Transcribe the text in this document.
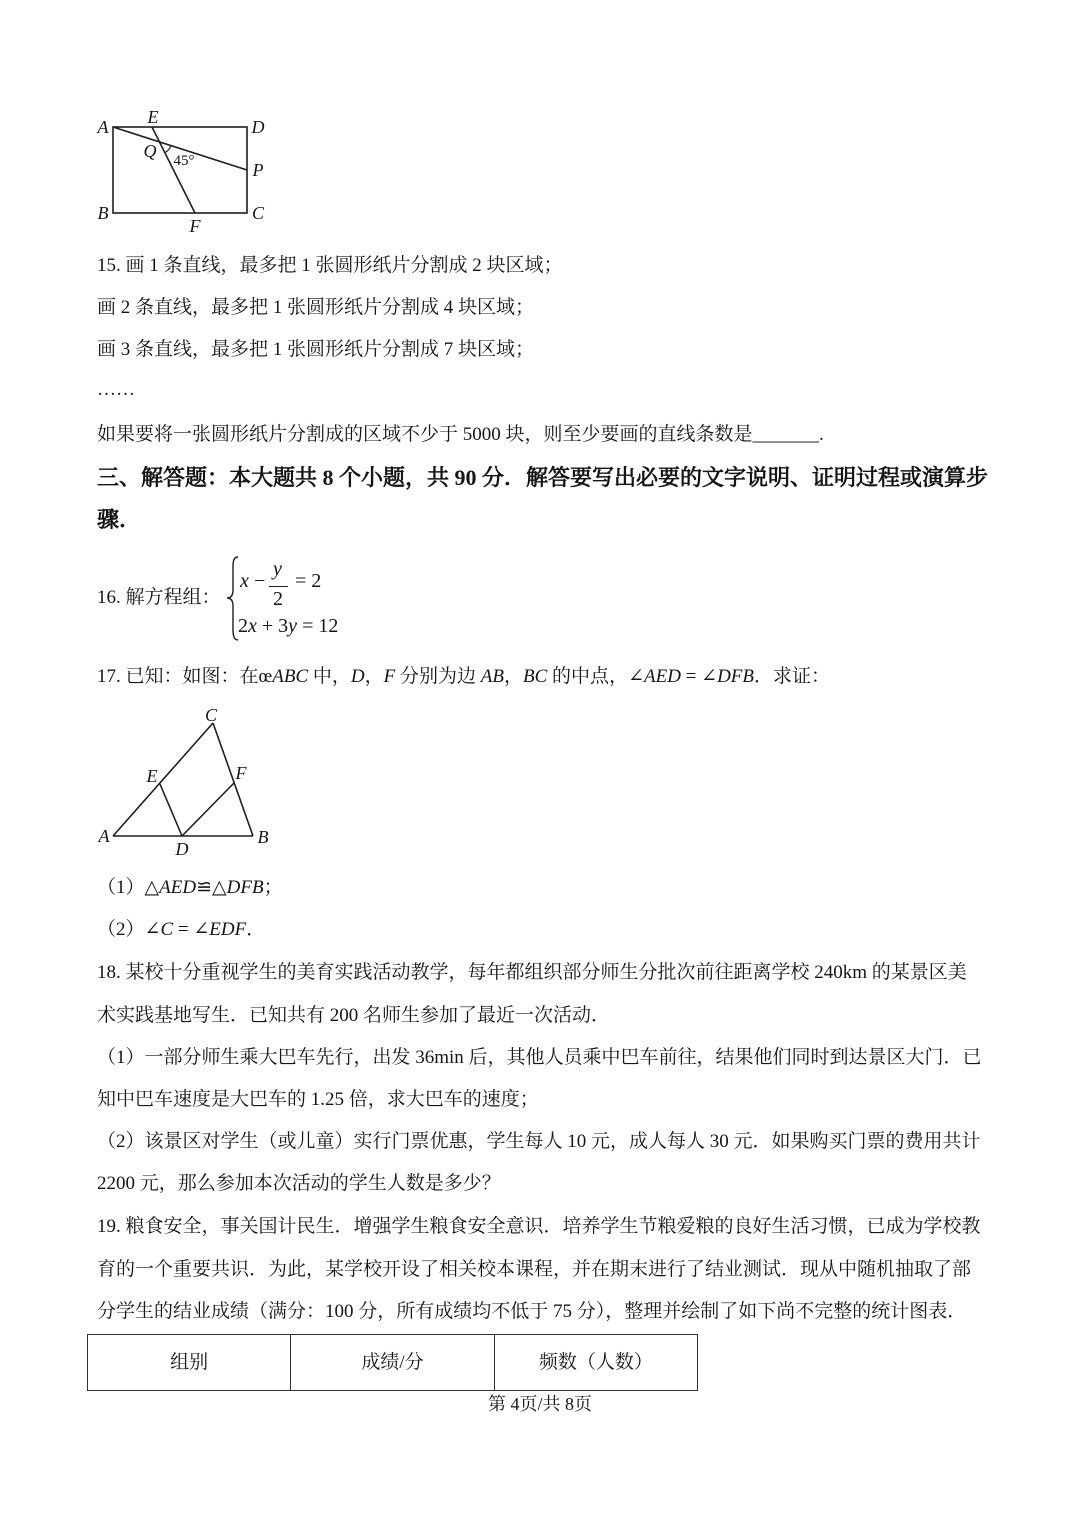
A E	D
Q 45°	P
B
F
C
15. 画 1 条直线，最多把 1 张圆形纸片分割成 2 块区域；
画 2 条直线，最多把 1 张圆形纸片分割成 4 块区域；
画 3 条直线，最多把 1 张圆形纸片分割成 7 块区域；
……
如果要将一张圆形纸片分割成的区域不少于 5000 块，则至少要画的直线条数是_______.
三、解答题：本大题共 8 个小题，共 90 分．解答要写出必要的文字说明、证明过程或演算步
骤．
16. 解方程组：
x −
y
2
= 2
2x + 3y = 12
17. 已知：如图：在œABC 中，D，F 分别为边 AB，BC 的中点，∠AED = ∠DFB．求证：
C
E	F
A
D
B
（1）△AED≌△DFB；
（2）∠C = ∠EDF．
18. 某校十分重视学生的美育实践活动教学，每年都组织部分师生分批次前往距离学校 240km 的某景区美
术实践基地写生．已知共有 200 名师生参加了最近一次活动．
（1）一部分师生乘大巴车先行，出发 36min 后，其他人员乘中巴车前往，结果他们同时到达景区大门．已
知中巴车速度是大巴车的 1.25 倍，求大巴车的速度；
（2）该景区对学生（或儿童）实行门票优惠，学生每人 10 元，成人每人 30 元．如果购买门票的费用共计
2200 元，那么参加本次活动的学生人数是多少？
19. 粮食安全，事关国计民生．增强学生粮食安全意识．培养学生节粮爱粮的良好生活习惯，已成为学校教
育的一个重要共识．为此，某学校开设了相关校本课程，并在期末进行了结业测试．现从中随机抽取了部
分学生的结业成绩（满分：100 分，所有成绩均不低于 75 分），整理并绘制了如下尚不完整的统计图表．
组别	成绩/分	频数（人数）
第 4页/共 8页
